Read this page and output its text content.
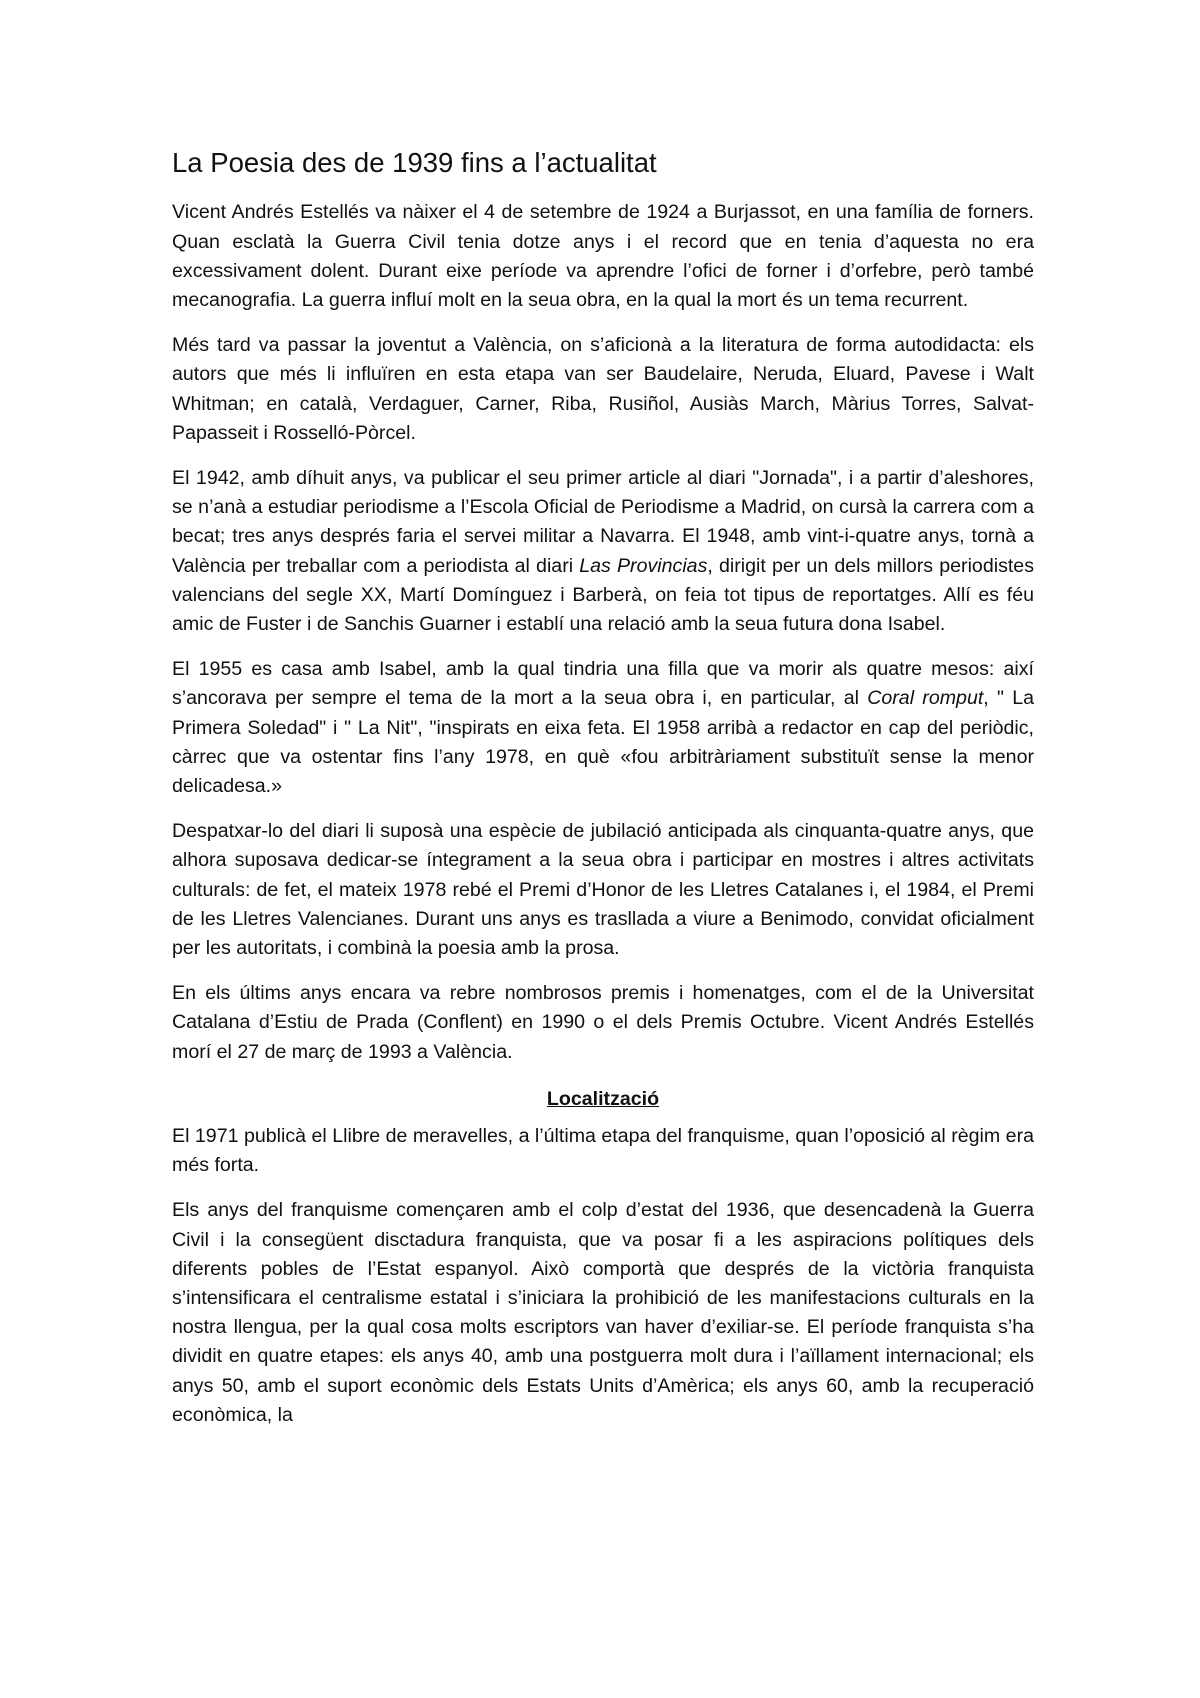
La Poesia des de 1939 fins a l’actualitat

Vicent Andrés Estellés va nàixer el 4 de setembre de 1924 a Burjassot, en una família de forners. Quan esclatà la Guerra Civil tenia dotze anys i el record que en tenia d’aquesta no era excessivament dolent. Durant eixe període va aprendre l’ofici de forner i d’orfebre, però també mecanografia. La guerra influí molt en la seua obra, en la qual la mort és un tema recurrent.

Més tard va passar la joventut a València, on s’aficionà a la literatura de forma autodidacta: els autors que més li influïren en esta etapa van ser Baudelaire, Neruda, Eluard, Pavese i Walt Whitman; en català, Verdaguer, Carner, Riba, Rusiñol, Ausiàs March, Màrius Torres, Salvat-Papasseit i Rosselló-Pòrcel.

El 1942, amb díhuit anys, va publicar el seu primer article al diari "Jornada", i a partir d’aleshores, se n’anà a estudiar periodisme a l’Escola Oficial de Periodisme a Madrid, on cursà la carrera com a becat; tres anys després faria el servei militar a Navarra. El 1948, amb vint-i-quatre anys, tornà a València per treballar com a periodista al diari Las Provincias, dirigit per un dels millors periodistes valencians del segle XX, Martí Domínguez i Barberà, on feia tot tipus de reportatges. Allí es féu amic de Fuster i de Sanchis Guarner i establí una relació amb la seua futura dona Isabel.

El 1955 es casa amb Isabel, amb la qual tindria una filla que va morir als quatre mesos: així s’ancorava per sempre el tema de la mort a la seua obra i, en particular, al Coral romput, " La Primera Soledad" i " La Nit", "inspirats en eixa feta. El 1958 arribà a redactor en cap del periòdic, càrrec que va ostentar fins l’any 1978, en què «fou arbitràriament substituït sense la menor delicadesa.»

Despatxar-lo del diari li suposà una espècie de jubilació anticipada als cinquanta-quatre anys, que alhora suposava dedicar-se íntegrament a la seua obra i participar en mostres i altres activitats culturals: de fet, el mateix 1978 rebé el Premi d’Honor de les Lletres Catalanes i, el 1984, el Premi de les Lletres Valencianes. Durant uns anys es trasllada a viure a Benimodo, convidat oficialment per les autoritats, i combinà la poesia amb la prosa.

En els últims anys encara va rebre nombrosos premis i homenatges, com el de la Universitat Catalana d’Estiu de Prada (Conflent) en 1990 o el dels Premis Octubre. Vicent Andrés Estellés morí el 27 de març de 1993 a València.

Localització

El 1971 publicà el Llibre de meravelles, a l’última etapa del franquisme, quan l’oposició al règim era més forta.

Els anys del franquisme començaren amb el colp d’estat del 1936, que desencadenà la Guerra Civil i la consegüent disctadura franquista, que va posar fi a les aspiracions polítiques dels diferents pobles de l’Estat espanyol. Això comportà que després de la victòria franquista s’intensificara el centralisme estatal i s’iniciara la prohibició de les manifestacions culturals en la nostra llengua, per la qual cosa molts escriptors van haver d’exiliar-se. El període franquista s’ha dividit en quatre etapes: els anys 40, amb una postguerra molt dura i l’aïllament internacional; els anys 50, amb el suport econòmic dels Estats Units d’Amèrica; els anys 60, amb la recuperació econòmica, la
